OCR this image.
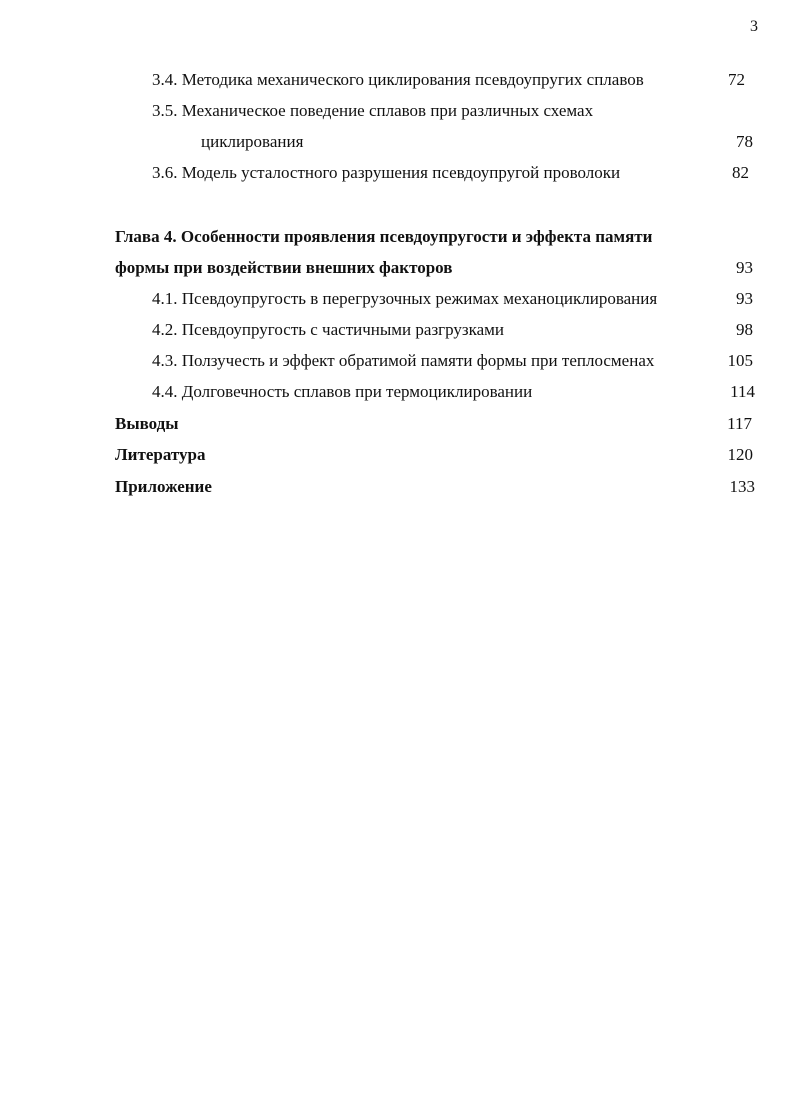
3
3.4. Методика механического циклирования псевдоупругих сплавов	72
3.5. Механическое поведение сплавов при различных схемах
циклирования	78
3.6. Модель усталостного разрушения псевдоупругой проволоки	82
Глава 4. Особенности проявления псевдоупругости и эффекта памяти
формы при воздействии внешних факторов	93
4.1. Псевдоупругость в перегрузочных режимах механоциклирования	93
4.2. Псевдоупругость с частичными разгрузками	98
4.3. Ползучесть и эффект обратимой памяти формы при теплосменах	105
4.4. Долговечность сплавов при термоциклировании	114
Выводы	117
Литература	120
Приложение	133
